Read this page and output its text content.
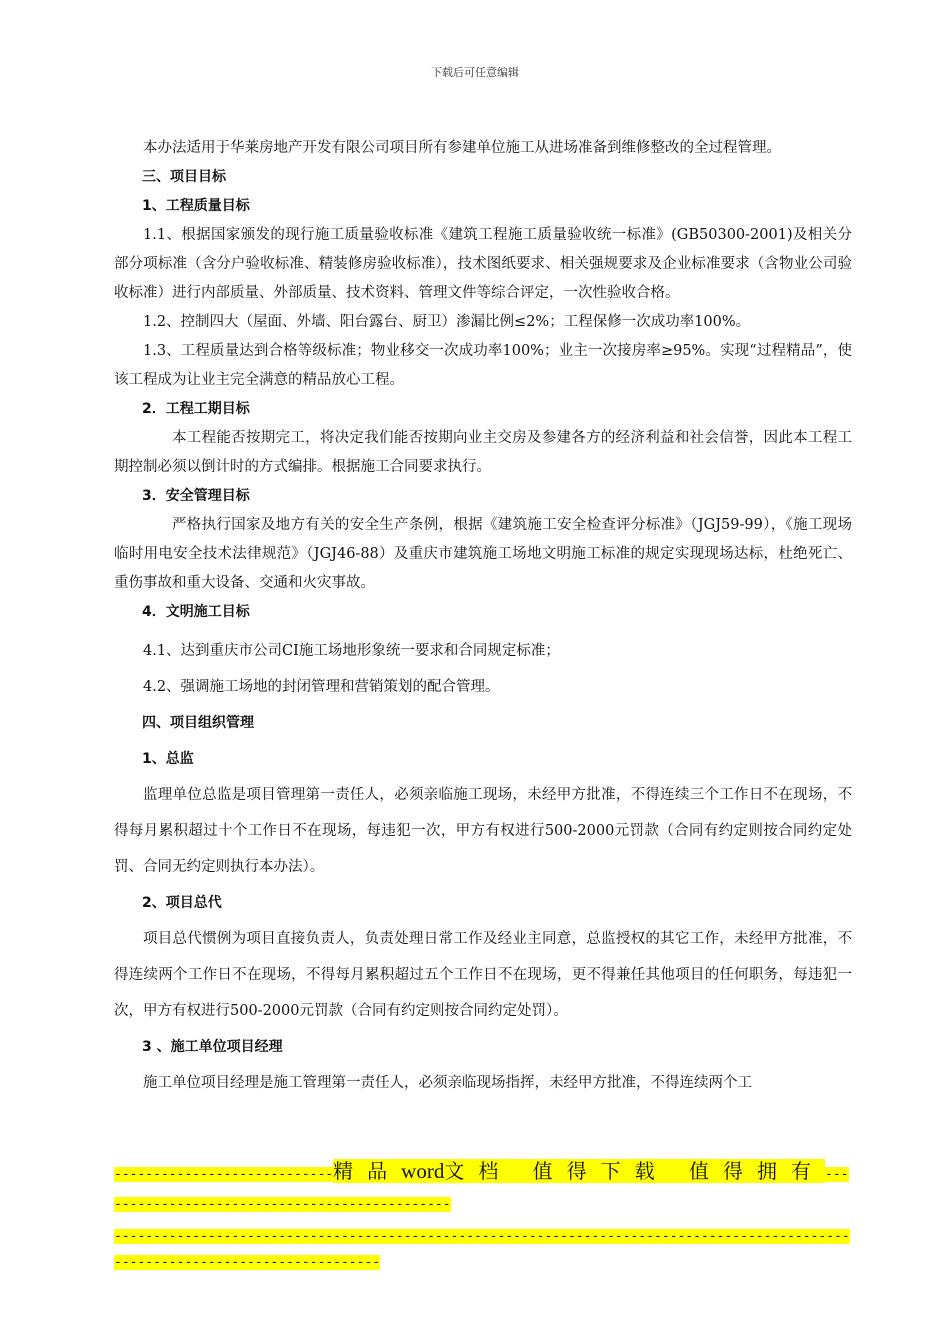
下载后可任意编辑

本办法适用于华莱房地产开发有限公司项目所有参建单位施工从进场准备到维修整改的全过程管理。

三、项目目标

1、工程质量目标

1.1、根据国家颁发的现行施工质量验收标准《建筑工程施工质量验收统一标准》(GB50300-2001)及相关分部分项标准（含分户验收标准、精装修房验收标准），技术图纸要求、相关强规要求及企业标准要求（含物业公司验收标准）进行内部质量、外部质量、技术资料、管理文件等综合评定，一次性验收合格。

1.2、控制四大（屋面、外墙、阳台露台、厨卫）渗漏比例≤2%；工程保修一次成功率100%。

1.3、工程质量达到合格等级标准；物业移交一次成功率100%；业主一次接房率≥95%。实现“过程精品”，使该工程成为让业主完全满意的精品放心工程。

2．工程工期目标

本工程能否按期完工，将决定我们能否按期向业主交房及参建各方的经济利益和社会信誉，因此本工程工期控制必须以倒计时的方式编排。根据施工合同要求执行。

3．安全管理目标

严格执行国家及地方有关的安全生产条例，根据《建筑施工安全检查评分标准》（JGJ59-99），《施工现场临时用电安全技术法律规范》（JGJ46-88）及重庆市建筑施工场地文明施工标准的规定实现现场达标，杜绝死亡、重伤事故和重大设备、交通和火灾事故。

4．文明施工目标

4.1、达到重庆市公司CI施工场地形象统一要求和合同规定标准；

4.2、强调施工场地的封闭管理和营销策划的配合管理。

四、项目组织管理

1、总监

监理单位总监是项目管理第一责任人，必须亲临施工现场，未经甲方批准，不得连续三个工作日不在现场，不得每月累积超过十个工作日不在现场，每违犯一次，甲方有权进行500-2000元罚款（合同有约定则按合同约定处罚、合同无约定则执行本办法）。

2、项目总代

项目总代惯例为项目直接负责人，负责处理日常工作及经业主同意，总监授权的其它工作，未经甲方批准，不得连续两个工作日不在现场，不得每月累积超过五个工作日不在现场，更不得兼任其他项目的任何职务，每违犯一次，甲方有权进行500-2000元罚款（合同有约定则按合同约定处罚）。

3 、施工单位项目经理

施工单位项目经理是施工管理第一责任人，必须亲临现场指挥，未经甲方批准，不得连续两个工

----------------------------精品word文档 值得下载 值得拥有----------------------------------------------
--------------------------------------------------------------------------------------------------------------------------------
